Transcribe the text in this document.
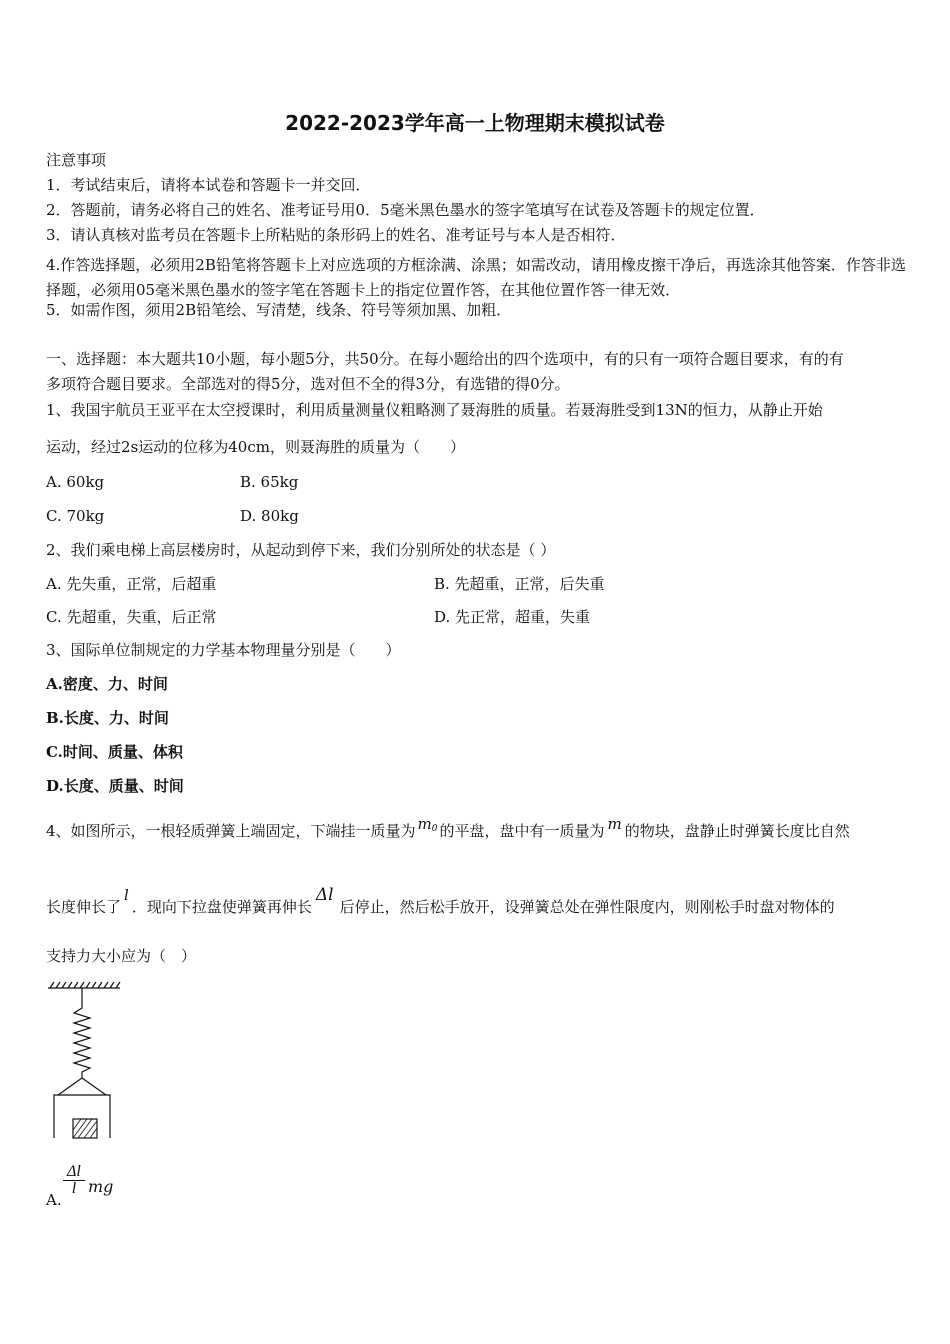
2022-2023学年高一上物理期末模拟试卷
注意事项
1．考试结束后，请将本试卷和答题卡一并交回．
2．答题前，请务必将自己的姓名、准考证号用0．5毫米黑色墨水的签字笔填写在试卷及答题卡的规定位置．
3．请认真核对监考员在答题卡上所粘贴的条形码上的姓名、准考证号与本人是否相符．
4.作答选择题，必须用2B铅笔将答题卡上对应选项的方框涂满、涂黑；如需改动，请用橡皮擦干净后，再选涂其他答案．作答非选择题，必须用05毫米黑色墨水的签字笔在答题卡上的指定位置作答，在其他位置作答一律无效．
5．如需作图，须用2B铅笔绘、写清楚，线条、符号等须加黑、加粗．
一、选择题：本大题共10小题，每小题5分，共50分。在每小题给出的四个选项中，有的只有一项符合题目要求，有的有
多项符合题目要求。全部选对的得5分，选对但不全的得3分，有选错的得0分。
1、我国宇航员王亚平在太空授课时，利用质量测量仪粗略测了聂海胜的质量。若聂海胜受到13N的恒力，从静止开始
运动，经过2s运动的位移为40cm，则聂海胜的质量为（　　）
A. 60kg	B. 65kg
C. 70kg	D. 80kg
2、我们乘电梯上高层楼房时，从起动到停下来，我们分别所处的状态是（ ）
A. 先失重，正常，后超重	B. 先超重，正常，后失重
C. 先超重，失重，后正常	D. 先正常，超重，失重
3、国际单位制规定的力学基本物理量分别是（　　）
A.密度、力、时间
B.长度、力、时间
C.时间、质量、体积
D.长度、质量、时间
4、如图所示，一根轻质弹簧上端固定，下端挂一质量为 $m_0$ 的平盘，盘中有一质量为 m 的物块，盘静止时弹簧长度比自然
长度伸长了l．现向下拉盘使弹簧再伸长Δl后停止，然后松手放开，设弹簧总处在弹性限度内，则刚松手时盘对物体的
支持力大小应为（　）
A.
Δl
l mg
